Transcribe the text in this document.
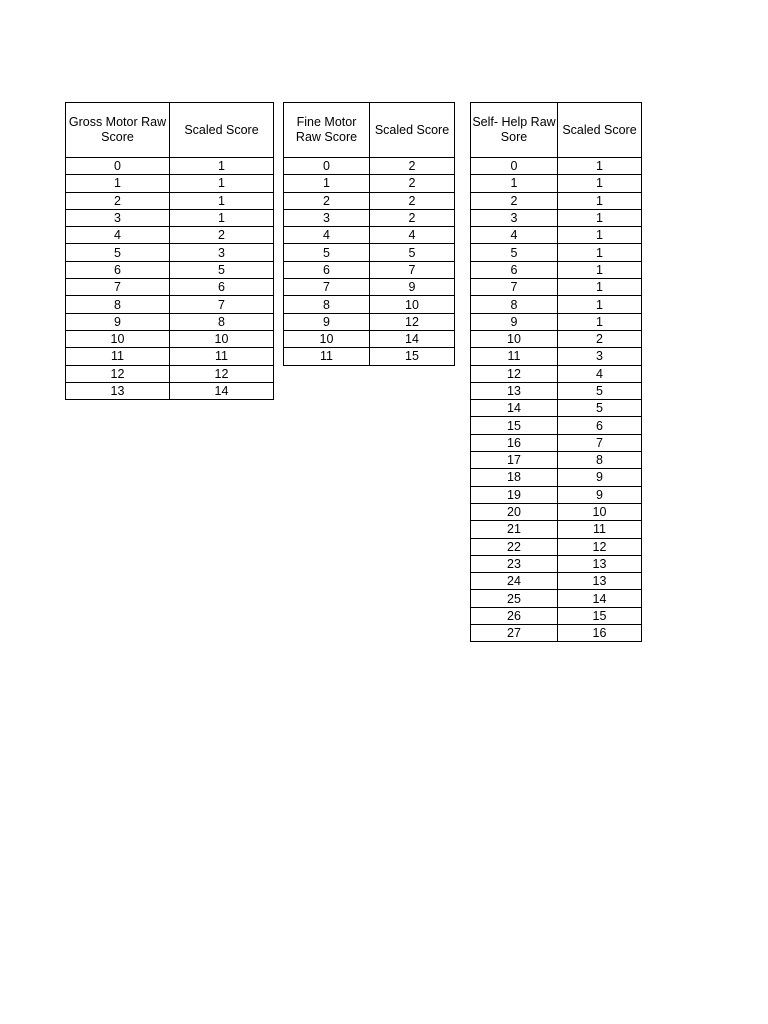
Gross Motor Raw Score	Scaled Score
0	1
1	1
2	1
3	1
4	2
5	3
6	5
7	6
8	7
9	8
10	10
11	11
12	12
13	14
Fine Motor Raw Score	Scaled Score
0	2
1	2
2	2
3	2
4	4
5	5
6	7
7	9
8	10
9	12
10	14
11	15
Self- Help Raw Sore	Scaled Score
0	1
1	1
2	1
3	1
4	1
5	1
6	1
7	1
8	1
9	1
10	2
11	3
12	4
13	5
14	5
15	6
16	7
17	8
18	9
19	9
20	10
21	11
22	12
23	13
24	13
25	14
26	15
27	16
